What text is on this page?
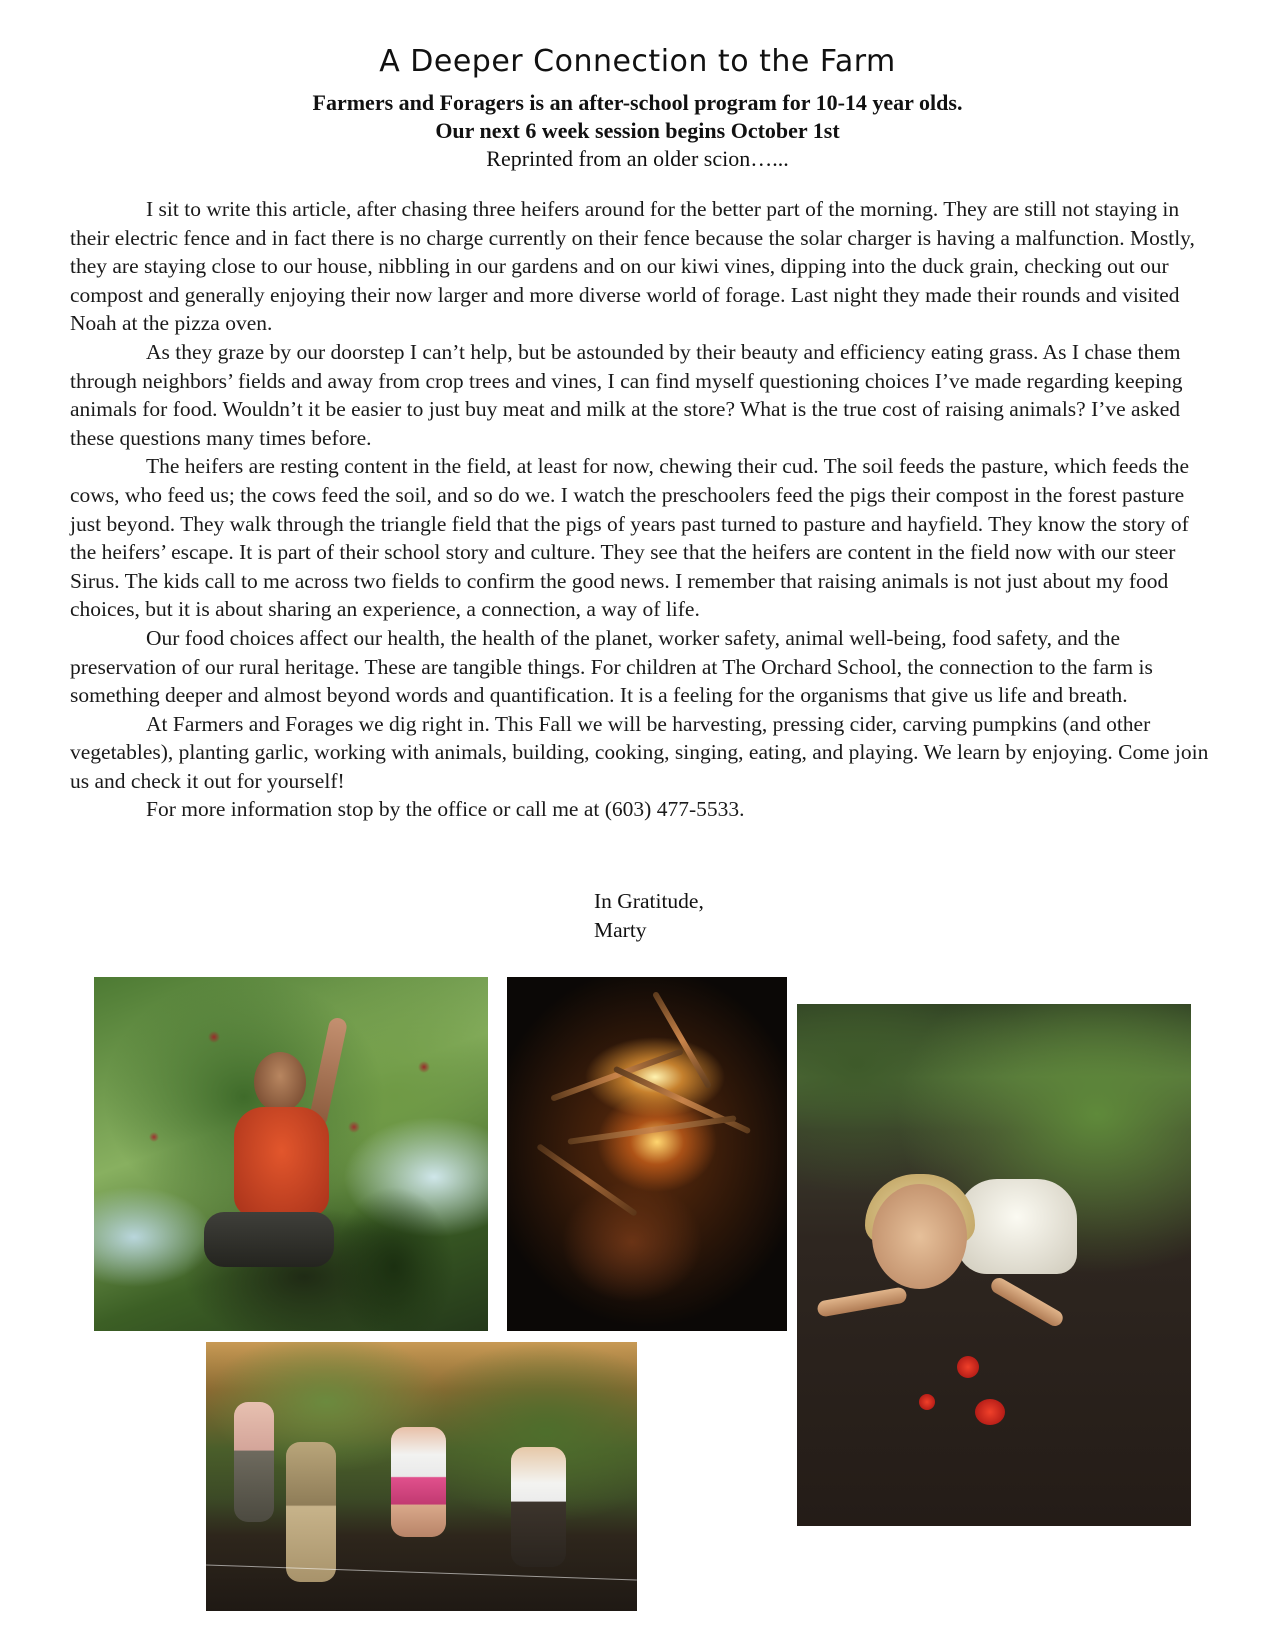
A Deeper Connection to the Farm
Farmers and Foragers is an after-school program for 10-14 year olds.
Our next 6 week session begins October 1st
Reprinted from an older scion…...

I sit to write this article, after chasing three heifers around for the better part of the morning. They are still not staying in their electric fence and in fact there is no charge currently on their fence because the solar charger is having a malfunction. Mostly, they are staying close to our house, nibbling in our gardens and on our kiwi vines, dipping into the duck grain, checking out our compost and generally enjoying their now larger and more diverse world of forage. Last night they made their rounds and visited Noah at the pizza oven.

As they graze by our doorstep I can’t help, but be astounded by their beauty and efficiency eating grass. As I chase them through neighbors’ fields and away from crop trees and vines, I can find myself questioning choices I’ve made regarding keeping animals for food. Wouldn’t it be easier to just buy meat and milk at the store? What is the true cost of raising animals? I’ve asked these questions many times before.

The heifers are resting content in the field, at least for now, chewing their cud. The soil feeds the pasture, which feeds the cows, who feed us; the cows feed the soil, and so do we. I watch the preschoolers feed the pigs their compost in the forest pasture just beyond. They walk through the triangle field that the pigs of years past turned to pasture and hayfield. They know the story of the heifers’ escape. It is part of their school story and culture. They see that the heifers are content in the field now with our steer Sirus. The kids call to me across two fields to confirm the good news. I remember that raising animals is not just about my food choices, but it is about sharing an experience, a connection, a way of life.

Our food choices affect our health, the health of the planet, worker safety, animal well-being, food safety, and the preservation of our rural heritage. These are tangible things. For children at The Orchard School, the connection to the farm is something deeper and almost beyond words and quantification. It is a feeling for the organisms that give us life and breath.

At Farmers and Forages we dig right in. This Fall we will be harvesting, pressing cider, carving pumpkins (and other vegetables), planting garlic, working with animals, building, cooking, singing, eating, and playing. We learn by enjoying. Come join us and check it out for yourself!

For more information stop by the office or call me at (603) 477-5533.

In Gratitude,
Marty
